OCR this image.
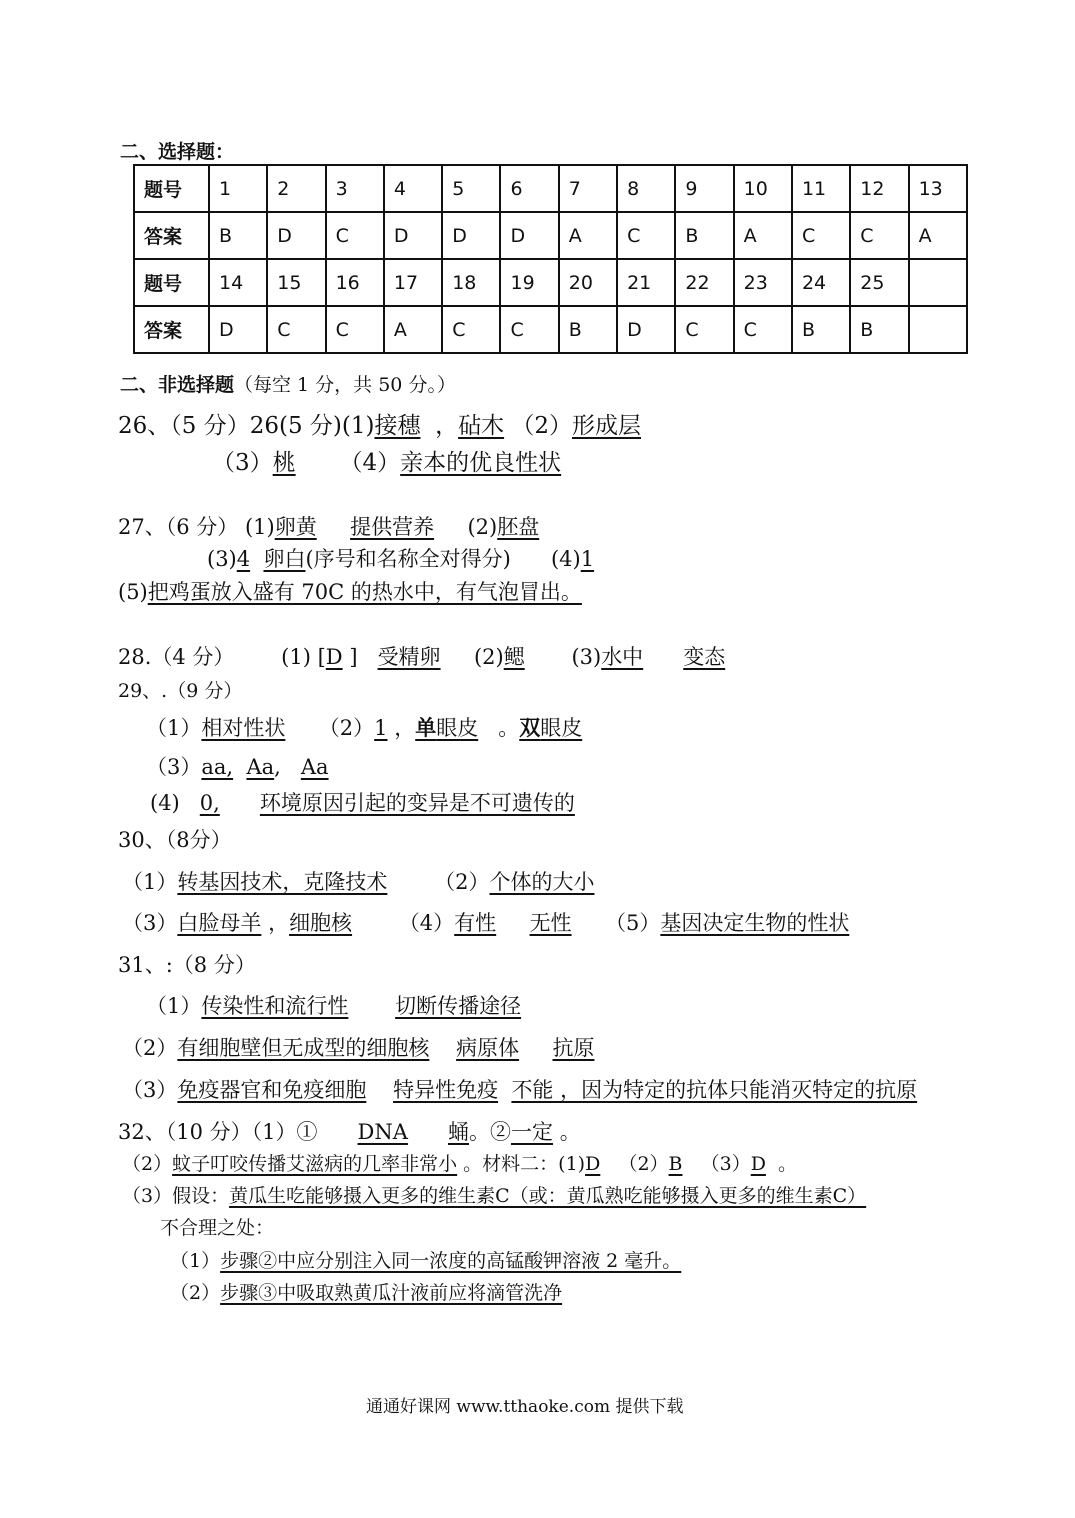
二、选择题：
题号	1	2	3	4	5	6	7	8	9	10	11	12	13
答案	B	D	C	D	D	D	A	C	B	A	C	C	A
题号	14	15	16	17	18	19	20	21	22	23	24	25	
答案	D	C	C	A	C	C	B	D	C	C	B	B	
二、非选择题（每空 1 分，共 50 分。）
26、（5 分）26(5 分)(1)接穗 ，砧木 （2）形成层
（3）桃 （4）亲本的优良性状
27、（6 分） (1)卵黄 提供营养 (2)胚盘
(3)4 卵白(序号和名称全对得分) (4)1
(5)把鸡蛋放入盛有 70C 的热水中，有气泡冒出。
28.（4 分） (1) [D ] 受精卵 (2)鳃 (3)水中 变态
29、.（9 分）
（1）相对性状 （2）1 ，单眼皮 。双眼皮
（3）aa, Aa, Aa
(4) 0, 环境原因引起的变异是不可遗传的
30、（8分）
（1）转基因技术，克隆技术 （2）个体的大小
（3）白脸母羊 ，细胞核 （4）有性 无性 （5）基因决定生物的性状
31、:（8 分）
（1）传染性和流行性 切断传播途径
（2）有细胞壁但无成型的细胞核 病原体 抗原
（3）免疫器官和免疫细胞 特异性免疫 不能 ，因为特定的抗体只能消灭特定的抗原
32、（10 分）（1）① DNA 蛹。②一定 。
（2）蚊子叮咬传播艾滋病的几率非常小 。材料二：(1)D （2）B （3）D 。
（3）假设：黄瓜生吃能够摄入更多的维生素C（或：黄瓜熟吃能够摄入更多的维生素C）
不合理之处：
（1）步骤②中应分别注入同一浓度的高锰酸钾溶液 2 毫升。
（2）步骤③中吸取熟黄瓜汁液前应将滴管洗净
通通好课网 www.tthaoke.com 提供下载
